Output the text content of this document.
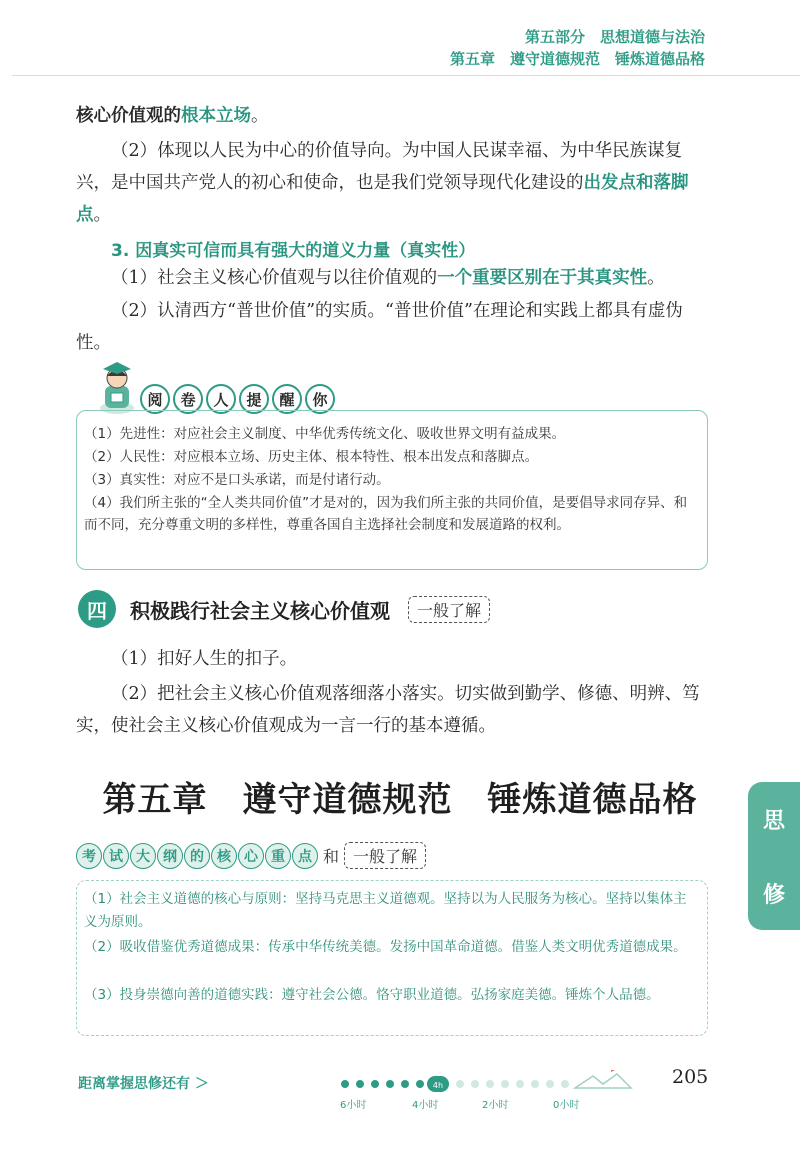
第五部分　思想道德与法治
第五章　遵守道德规范　锤炼道德品格
核心价值观的根本立场。
（2）体现以人民为中心的价值导向。为中国人民谋幸福、为中华民族谋复兴，是中国共产党人的初心和使命，也是我们党领导现代化建设的出发点和落脚点。
3. 因真实可信而具有强大的道义力量（真实性）
（1）社会主义核心价值观与以往价值观的一个重要区别在于其真实性。
（2）认清西方“普世价值”的实质。“普世价值”在理论和实践上都具有虚伪性。
阅	卷	人	提	醒	你
（1）先进性：对应社会主义制度、中华优秀传统文化、吸收世界文明有益成果。
（2）人民性：对应根本立场、历史主体、根本特性、根本出发点和落脚点。
（3）真实性：对应不是口头承诺，而是付诸行动。
（4）我们所主张的“全人类共同价值”才是对的，因为我们所主张的共同价值，是要倡导求同存异、和而不同，充分尊重文明的多样性，尊重各国自主选择社会制度和发展道路的权利。
四	积极践行社会主义核心价值观	一般了解
（1）扣好人生的扣子。
（2）把社会主义核心价值观落细落小落实。切实做到勤学、修德、明辨、笃实，使社会主义核心价值观成为一言一行的基本遵循。
第五章　遵守道德规范　锤炼道德品格
思
修
考 试 大 纲 的 核 心 重 点 和 一般了解
（1）社会主义道德的核心与原则：坚持马克思主义道德观。坚持以为人民服务为核心。坚持以集体主义为原则。
（2）吸收借鉴优秀道德成果：传承中华传统美德。发扬中国革命道德。借鉴人类文明优秀道德成果。
（3）投身崇德向善的道德实践：遵守社会公德。恪守职业道德。弘扬家庭美德。锤炼个人品德。
距离掌握思修还有 ＞	4h
6小时	4小时	2小时	0小时
205
